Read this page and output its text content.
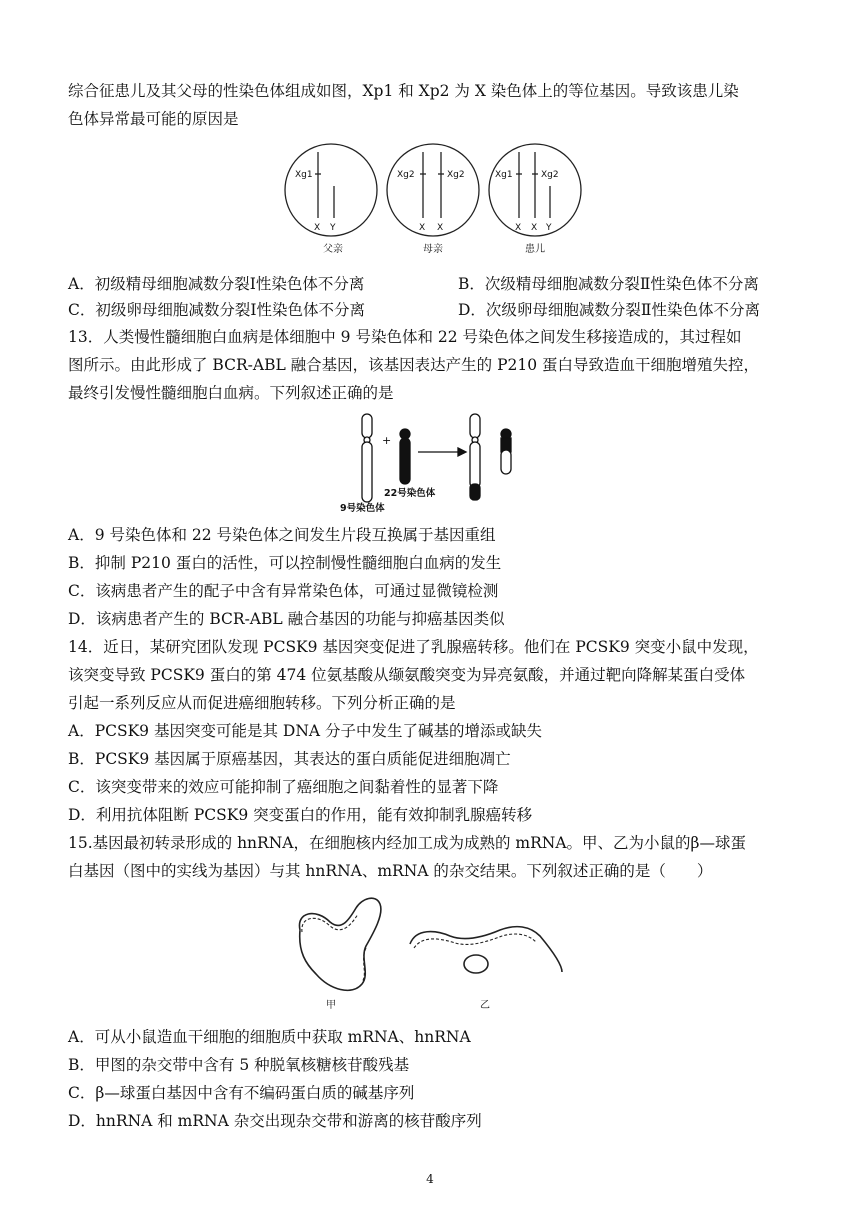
综合征患儿及其父母的性染色体组成如图，Xp1 和 Xp2 为 X 染色体上的等位基因。导致该患儿染
色体异常最可能的原因是
Xg1
X Y
父亲
Xg2	Xg2
X X
母亲
Xg1	Xg2
X X Y
患儿
A．初级精母细胞减数分裂Ⅰ性染色体不分离	B．次级精母细胞减数分裂Ⅱ性染色体不分离
C．初级卵母细胞减数分裂Ⅰ性染色体不分离	D．次级卵母细胞减数分裂Ⅱ性染色体不分离
13．人类慢性髓细胞白血病是体细胞中 9 号染色体和 22 号染色体之间发生移接造成的，其过程如
图所示。由此形成了 BCR-ABL 融合基因，该基因表达产生的 P210 蛋白导致造血干细胞增殖失控，
最终引发慢性髓细胞白血病。下列叙述正确的是
+
22号染色体
9号染色体
A．9 号染色体和 22 号染色体之间发生片段互换属于基因重组
B．抑制 P210 蛋白的活性，可以控制慢性髓细胞白血病的发生
C．该病患者产生的配子中含有异常染色体，可通过显微镜检测
D．该病患者产生的 BCR-ABL 融合基因的功能与抑癌基因类似
14．近日，某研究团队发现 PCSK9 基因突变促进了乳腺癌转移。他们在 PCSK9 突变小鼠中发现，
该突变导致 PCSK9 蛋白的第 474 位氨基酸从缬氨酸突变为异亮氨酸，并通过靶向降解某蛋白受体
引起一系列反应从而促进癌细胞转移。下列分析正确的是
A．PCSK9 基因突变可能是其 DNA 分子中发生了碱基的增添或缺失
B．PCSK9 基因属于原癌基因，其表达的蛋白质能促进细胞凋亡
C．该突变带来的效应可能抑制了癌细胞之间黏着性的显著下降
D．利用抗体阻断 PCSK9 突变蛋白的作用，能有效抑制乳腺癌转移
15.基因最初转录形成的 hnRNA，在细胞核内经加工成为成熟的 mRNA。甲、乙为小鼠的β—球蛋
白基因（图中的实线为基因）与其 hnRNA、mRNA 的杂交结果。下列叙述正确的是（　　）
甲	乙
A．可从小鼠造血干细胞的细胞质中获取 mRNA、hnRNA
B．甲图的杂交带中含有 5 种脱氧核糖核苷酸残基
C．β—球蛋白基因中含有不编码蛋白质的碱基序列
D．hnRNA 和 mRNA 杂交出现杂交带和游离的核苷酸序列
4
